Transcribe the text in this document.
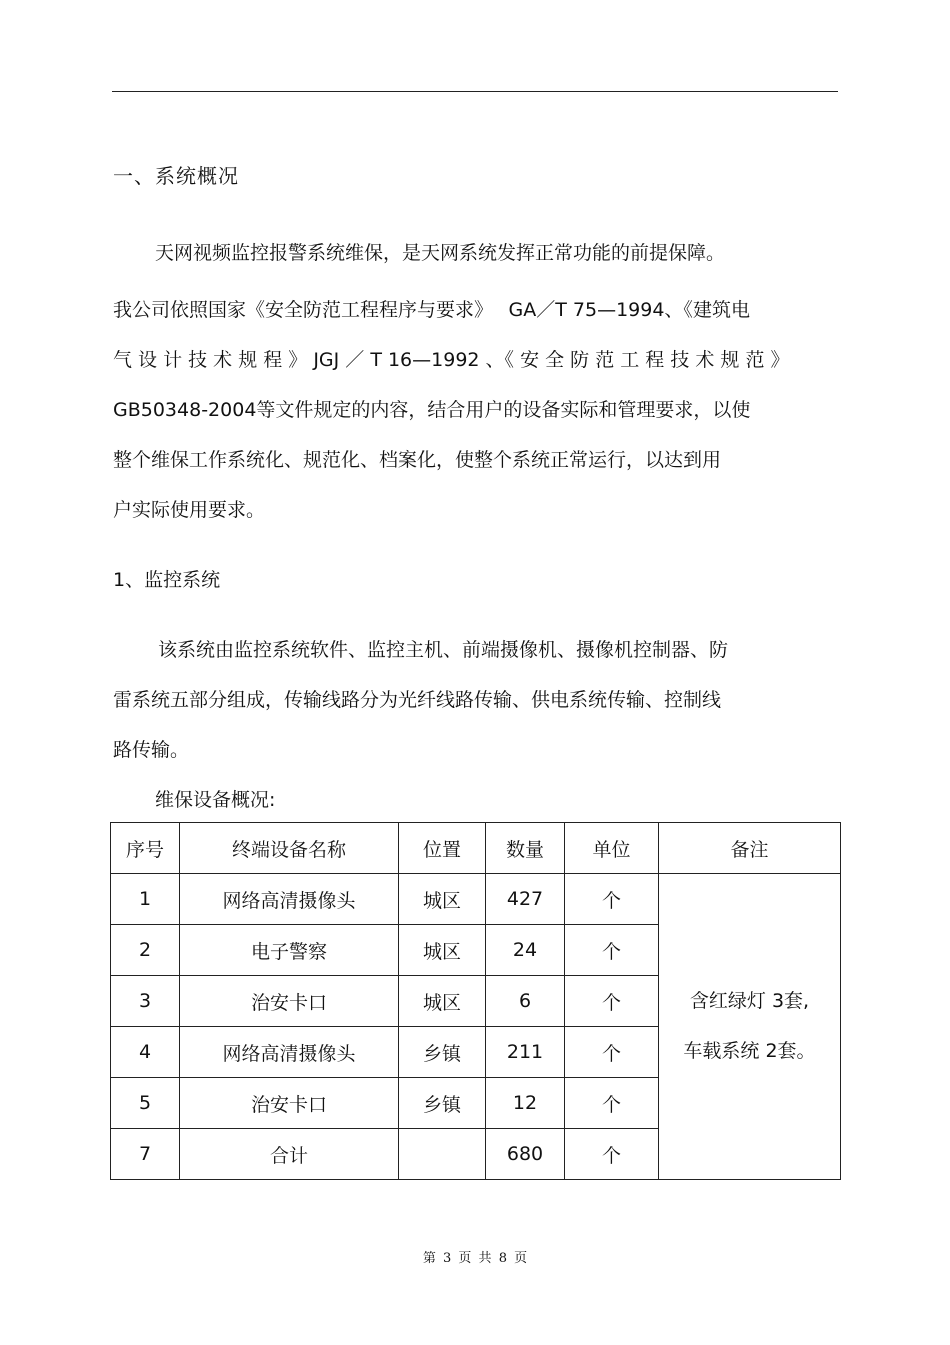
一、系统概况
天网视频监控报警系统维保，是天网系统发挥正常功能的前提保障。
我公司依照国家《安全防范工程程序与要求》　 GA／T 75—1994、《建筑电
气 设 计 技 术 规 程 》 JGJ ／ T 16—1992 、《 安 全 防 范 工 程 技 术 规 范 》
GB50348-2004等文件规定的内容，结合用户的设备实际和管理要求，以使
整个维保工作系统化、规范化、档案化，使整个系统正常运行，以达到用
户实际使用要求。
1、监控系统
该系统由监控系统软件、监控主机、前端摄像机、摄像机控制器、防
雷系统五部分组成，传输线路分为光纤线路传输、供电系统传输、控制线
路传输。
维保设备概况:
序号	终端设备名称	位置	数量	单位	备注
1	网络高清摄像头	城区	427	个	含红绿灯 3套,
车载系统 2套。

2	电子警察	城区	24	个	
3	治安卡口	城区	6	个	
4	网络高清摄像头	乡镇	211	个	
5	治安卡口	乡镇	12	个	
7	合计		680	个	
第 3 页 共 8 页
